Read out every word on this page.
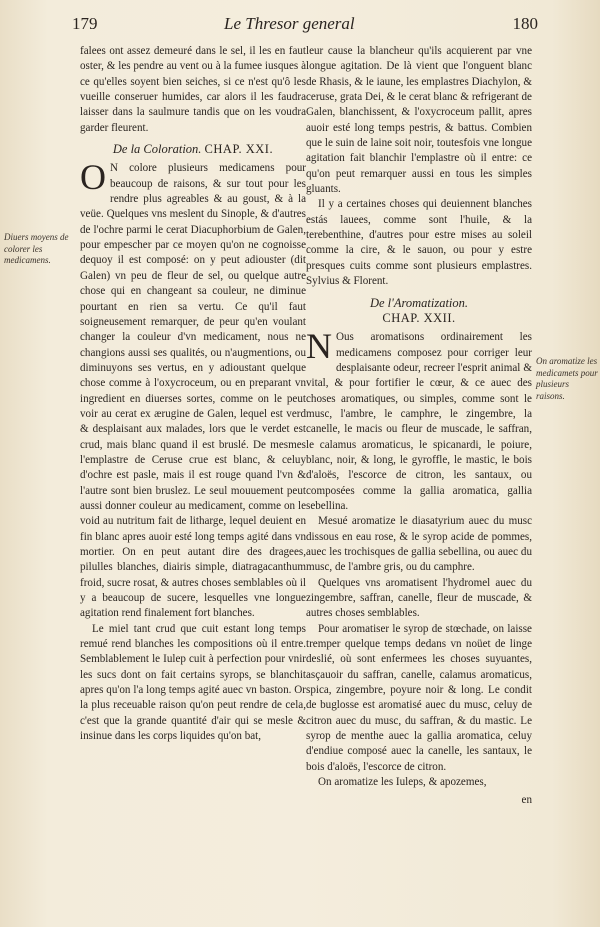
179	Le Thresor general	180
Diuers moyens de colorer les medicamens.
On aromatize les medicamets pour plusieurs raisons.

falees ont assez demeuré dans le sel, il les en faut oster, & les pendre au vent ou à la fumee iusques à ce qu'elles soyent bien seiches, si ce n'est qu'ô les vueille conseruer humides, car alors il les faudra laisser dans la saulmure tandis que on les voudra garder fleurent.

De la Coloration. CHAP. XXI.

O N colore plusieurs medicamens pour beaucoup de raisons, & sur tout pour les rendre plus agreables & au goust, & à la veüe. Quelques vns meslent du Sinople, & d'autres de l'ochre parmi le cerat Diacuphorbium de Galen, pour empescher par ce moyen qu'on ne cognoisse dequoy il est composé: on y peut adiouster (dit Galen) vn peu de fleur de sel, ou quelque autre chose qui en changeant sa couleur, ne diminue pourtant en rien sa vertu. Ce qu'il faut soigneusement remarquer, de peur qu'en voulant changer la couleur d'vn medicament, nous ne changions aussi ses qualités, ou n'augmentions, ou diminuyons ses vertus, en y adioustant quelque chose comme à l'oxycroceum, ou en preparant vn ingredient en diuerses sortes, comme on le peut voir au cerat ex ærugine de Galen, lequel est verd & desplaisant aux malades, lors que le verdet est crud, mais blanc quand il est bruslé. De mesmes l'emplastre de Ceruse crue est blanc, & celuy d'ochre est pasle, mais il est rouge quand l'vn & l'autre sont bien bruslez. Le seul mouuement peut aussi donner couleur au medicament, comme on le void au nutritum fait de litharge, lequel deuient en fin blanc apres auoir esté long temps agité dans vn mortier. On en peut autant dire des dragees, pilulles blanches, diairis simple, diatragacanthum froid, sucre rosat, & autres choses semblables où il y a beaucoup de sucere, lesquelles vne longue agitation rend finalement fort blanches.

Le miel tant crud que cuit estant long temps remué rend blanches les compositions où il entre. Semblablement le Iulep cuit à perfection pour vnir les sucs dont on fait certains syrops, se blanchit apres qu'on l'a long temps agité auec vn baston. Or la plus receuable raison qu'on peut rendre de cela, c'est que la grande quantité d'air qui se mesle & insinue dans les corps liquides qu'on bat,

leur cause la blancheur qu'ils acquierent par vne longue agitation. De là vient que l'onguent blanc de Rhasis, & le iaune, les emplastres Diachylon, & ceruse, grata Dei, & le cerat blanc & refrigerant de Galen, blanchissent, & l'oxycroceum pallit, apres auoir esté long temps pestris, & battus. Combien que le suin de laine soit noir, toutesfois vne longue agitation fait blanchir l'emplastre où il entre: ce qu'on peut remarquer aussi en tous les simples gluants.

Il y a certaines choses qui deuiennent blanches estás lauees, comme sont l'huile, & la terebenthine, d'autres pour estre mises au soleil comme la cire, & le sauon, ou pour y estre presques cuits comme sont plusieurs emplastres. Sylvius & Florent.

De l'Aromatization.
CHAP. XXII.

N Ous aromatisons ordinairement les medicamens composez pour corriger leur desplaisante odeur, recreer l'esprit animal & vital, & pour fortifier le cœur, & ce auec des choses aromatiques, ou simples, comme sont le musc, l'ambre, le camphre, le zingembre, la canelle, le macis ou fleur de muscade, le saffran, le calamus aromaticus, le spicanardi, le poiure, blanc, noir, & long, le gyroffle, le mastic, le bois d'aloës, l'escorce de citron, les santaux, ou composées comme la gallia aromatica, gallia sebellina.

Mesué aromatize le diasatyrium auec du musc dissous en eau rose, & le syrop acide de pommes, auec les trochisques de gallia sebellina, ou auec du musc, de l'ambre gris, ou du camphre.

Quelques vns aromatisent l'hydromel auec du zingembre, saffran, canelle, fleur de muscade, & autres choses semblables.

Pour aromatiser le syrop de stœchade, on laisse tremper quelque temps dedans vn noüet de linge deslié, où sont enfermees les choses suyuantes, asçauoir du saffran, canelle, calamus aromaticus, spica, zingembre, poyure noir & long. Le condit de buglosse est aromatisé auec du musc, celuy de citron auec du musc, du saffran, & du mastic. Le syrop de menthe auec la gallia aromatica, celuy d'endiue composé auec la canelle, les santaux, le bois d'aloës, l'escorce de citron.

On aromatize les Iuleps, & apozemes,

en
